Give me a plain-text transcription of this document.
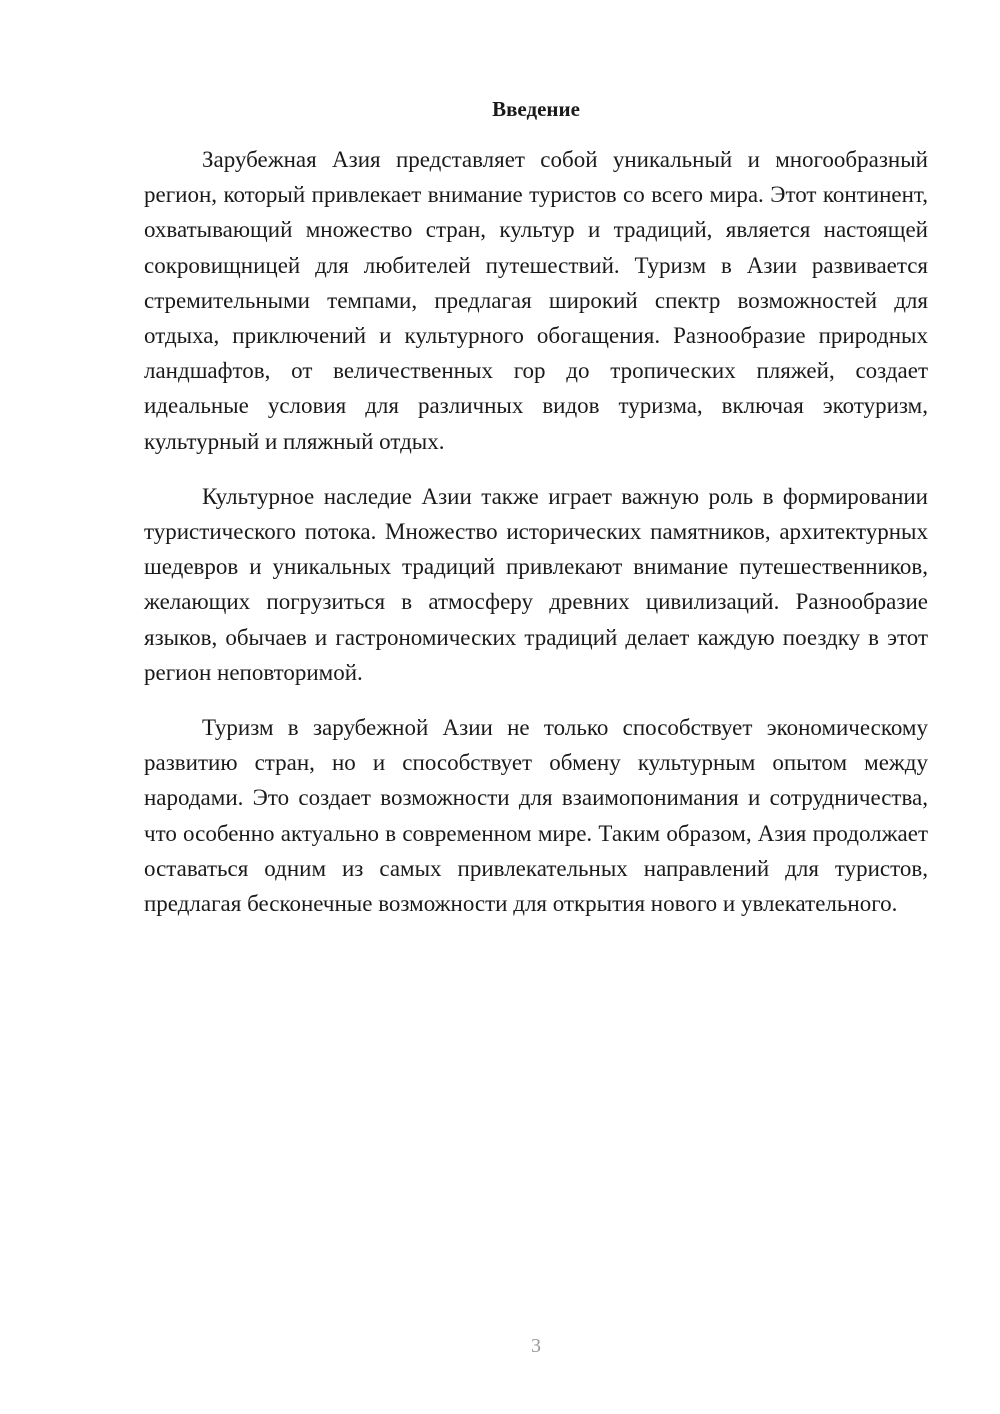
Введение

Зарубежная Азия представляет собой уникальный и многообразный регион, который привлекает внимание туристов со всего мира. Этот континент, охватывающий множество стран, культур и традиций, является настоящей сокровищницей для любителей путешествий. Туризм в Азии развивается стремительными темпами, предлагая широкий спектр возможностей для отдыха, приключений и культурного обогащения. Разнообразие природных ландшафтов, от величественных гор до тропических пляжей, создает идеальные условия для различных видов туризма, включая экотуризм, культурный и пляжный отдых.

Культурное наследие Азии также играет важную роль в формировании туристического потока. Множество исторических памятников, архитектурных шедевров и уникальных традиций привлекают внимание путешественников, желающих погрузиться в атмосферу древних цивилизаций. Разнообразие языков, обычаев и гастрономических традиций делает каждую поездку в этот регион неповторимой.

Туризм в зарубежной Азии не только способствует экономическому развитию стран, но и способствует обмену культурным опытом между народами. Это создает возможности для взаимопонимания и сотрудничества, что особенно актуально в современном мире. Таким образом, Азия продолжает оставаться одним из самых привлекательных направлений для туристов, предлагая бесконечные возможности для открытия нового и увлекательного.

3
